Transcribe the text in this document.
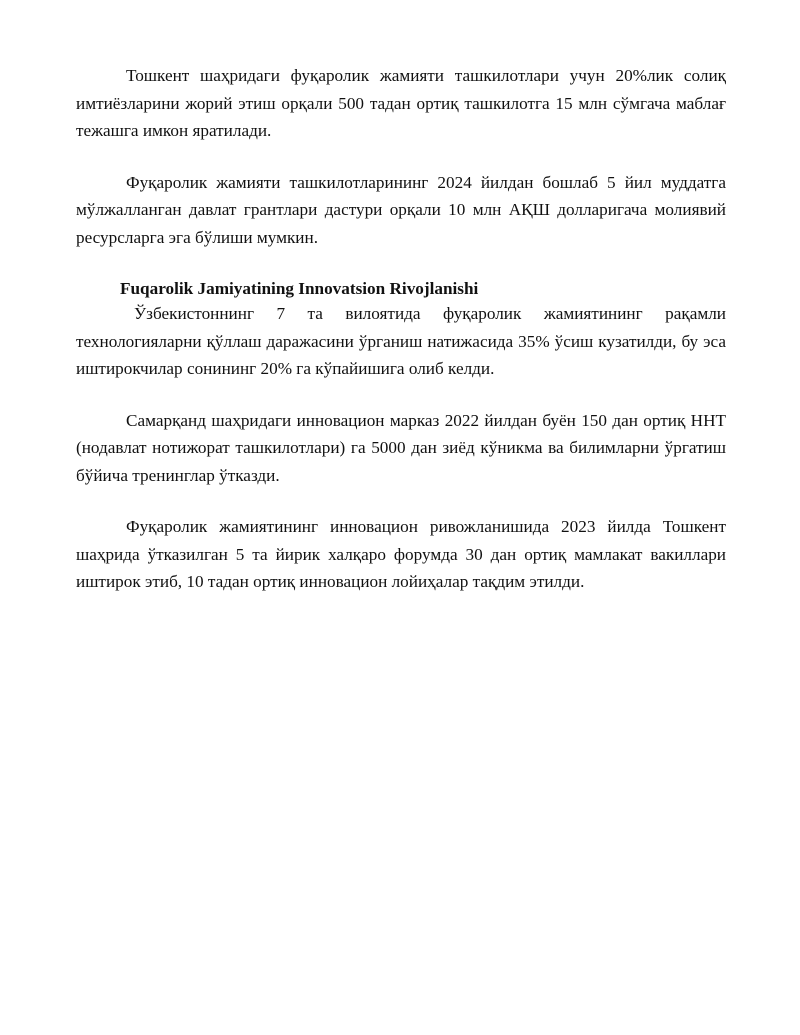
Тошкент шаҳридаги фуқаролик жамияти ташкилотлари учун 20%лик солиқ имтиёзларини жорий этиш орқали 500 тадан ортиқ ташкилотга 15 млн сўмгача маблағ тежашга имкон яратилади.

Фуқаролик жамияти ташкилотларининг 2024 йилдан бошлаб 5 йил муддатга мўлжалланган давлат грантлари дастури орқали 10 млн АҚШ долларигача молиявий ресурсларга эга бўлиши мумкин.

Fuqarolik Jamiyatining Innovatsion Rivojlanishi

Ўзбекистоннинг 7 та вилоятида фуқаролик жамиятининг рақамли технологияларни қўллаш даражасини ўрганиш натижасида 35% ўсиш кузатилди, бу эса иштирокчилар сонининг 20% га кўпайишига олиб келди.

Самарқанд шаҳридаги инновацион марказ 2022 йилдан буён 150 дан ортиқ ННТ (нодавлат нотижорат ташкилотлари) га 5000 дан зиёд кўникма ва билимларни ўргатиш бўйича тренинглар ўтказди.

Фуқаролик жамиятининг инновацион ривожланишида 2023 йилда Тошкент шаҳрида ўтказилган 5 та йирик халқаро форумда 30 дан ортиқ мамлакат вакиллари иштирок этиб, 10 тадан ортиқ инновацион лойиҳалар тақдим этилди.
